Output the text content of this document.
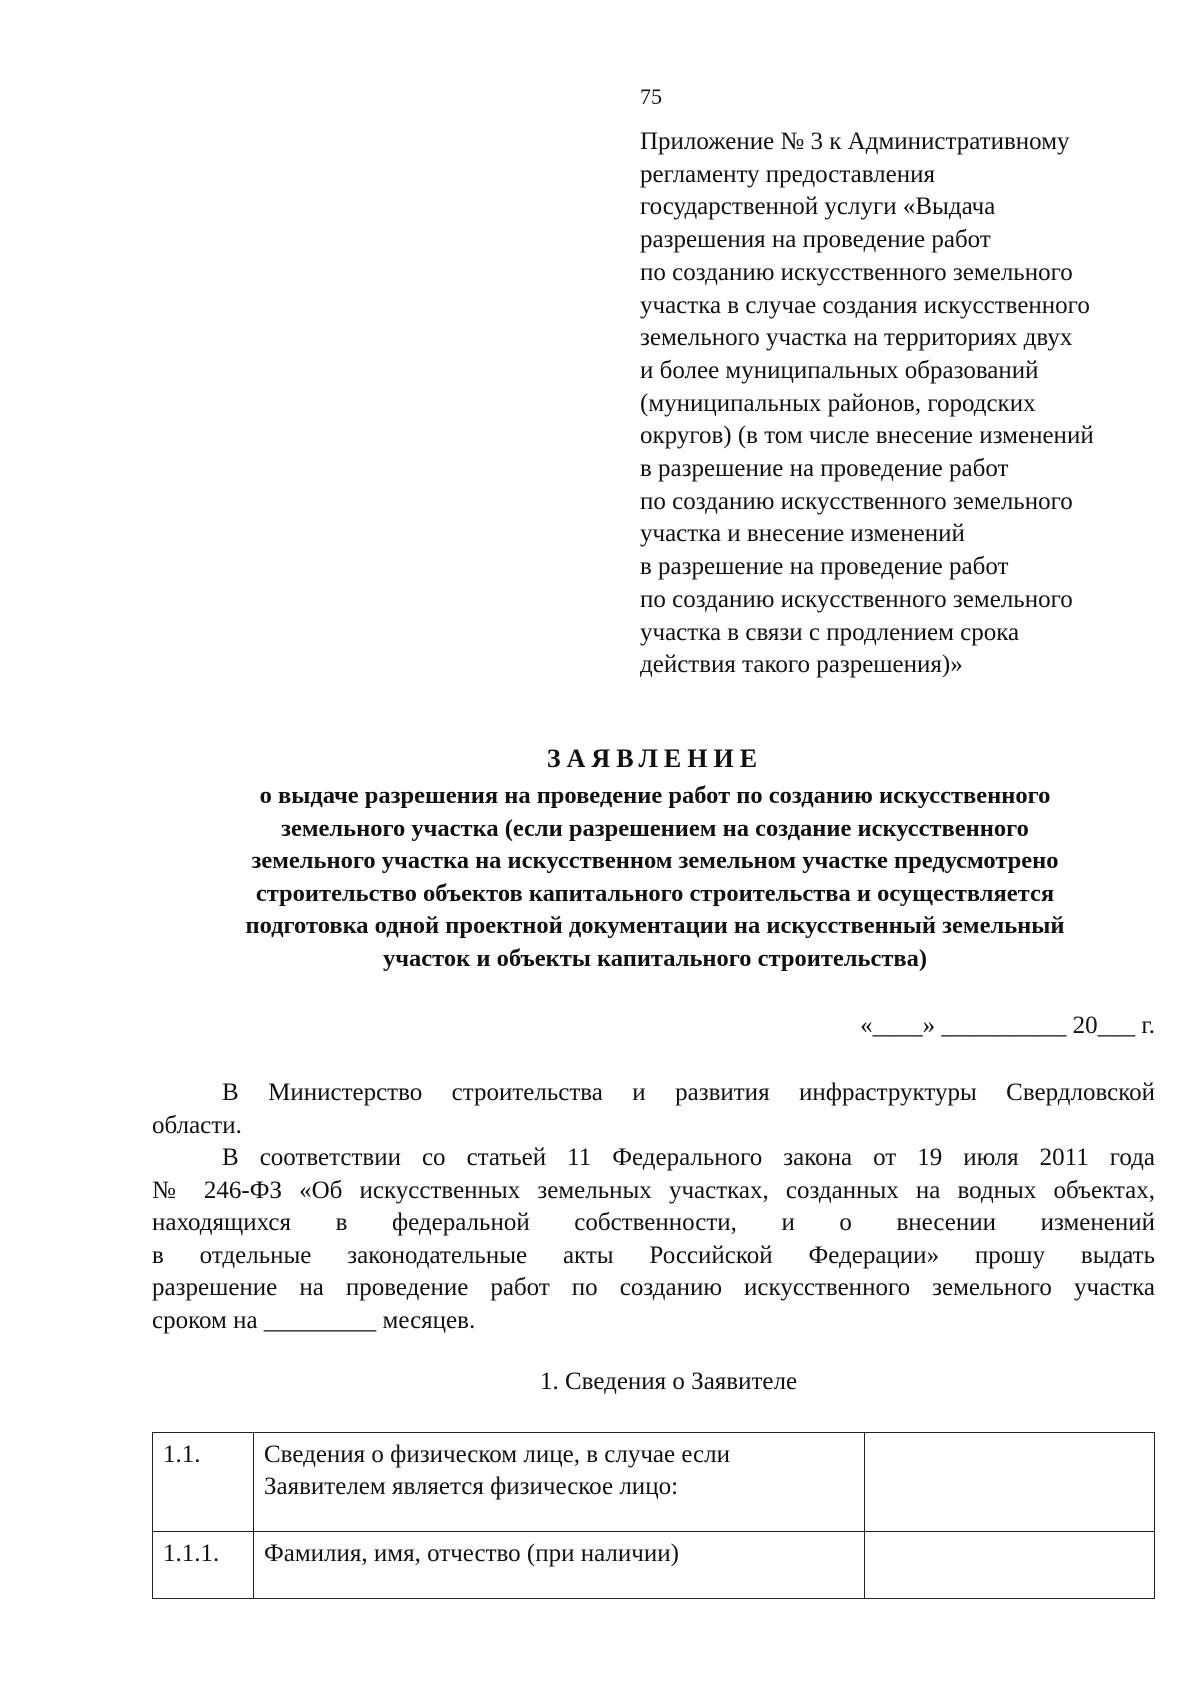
75
Приложение № 3 к Административному
регламенту предоставления
государственной услуги «Выдача
разрешения на проведение работ
по созданию искусственного земельного
участка в случае создания искусственного
земельного участка на территориях двух
и более муниципальных образований
(муниципальных районов, городских
округов) (в том числе внесение изменений
в разрешение на проведение работ
по созданию искусственного земельного
участка и внесение изменений
в разрешение на проведение работ
по созданию искусственного земельного
участка в связи с продлением срока
действия такого разрешения)»
ЗАЯВЛЕНИЕ
о выдаче разрешения на проведение работ по созданию искусственного
земельного участка (если разрешением на создание искусственного
земельного участка на искусственном земельном участке предусмотрено
строительство объектов капитального строительства и осуществляется
подготовка одной проектной документации на искусственный земельный
участок и объекты капитального строительства)
«____» __________ 20___ г.

В Министерство строительства и развития инфраструктуры Свердловской
области.

В соответствии со статьей 11 Федерального закона от 19 июля 2011 года
№ 246-ФЗ «Об искусственных земельных участках, созданных на водных объектах,
находящихся в федеральной собственности, и о внесении изменений
в отдельные законодательные акты Российской Федерации» прошу выдать
разрешение на проведение работ по созданию искусственного земельного участка
сроком на _________ месяцев.

1. Сведения о Заявителе
1.1.	Сведения о физическом лице, в случае если
Заявителем является физическое лицо:	

1.1.1.	Фамилия, имя, отчество (при наличии)	
